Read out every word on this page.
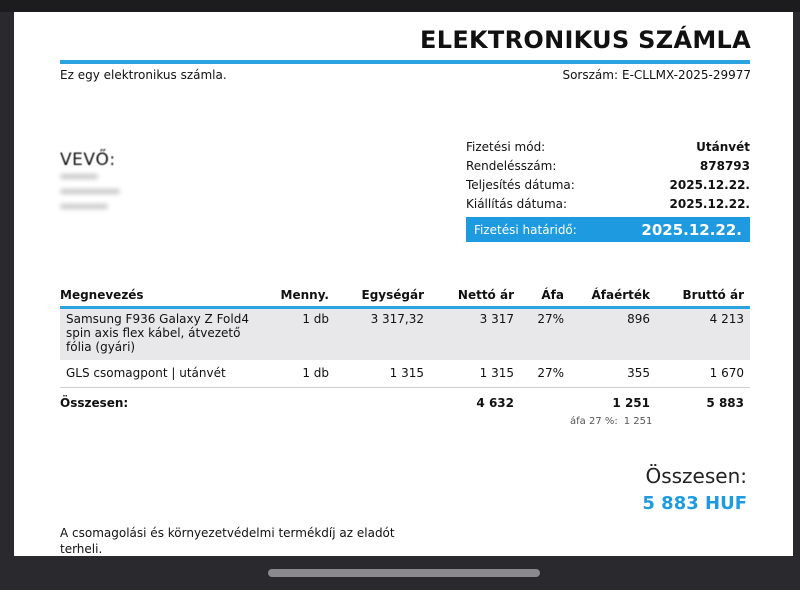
ELEKTRONIKUS SZÁMLA
Ez egy elektronikus számla.	Sorszám: E-CLLMX-2025-29977
VEVŐ:
Fizetési mód:	Utánvét
Rendelésszám:	878793
Teljesítés dátuma:	2025.12.22.
Kiállítás dátuma:	2025.12.22.
Fizetési határidő:	2025.12.22.
Megnevezés	Menny.	Egységár	Nettó ár	Áfa	Áfaérték	Bruttó ár
Samsung F936 Galaxy Z Fold4 spin axis flex kábel, átvezető fólia (gyári)	1 db	3 317,32	3 317	27%	896	4 213
GLS csomagpont | utánvét	1 db	1 315	1 315	27%	355	1 670
Összesen:			4 632		1 251	5 883
áfa 27 %: 1 251
Összesen:
5 883 HUF
A csomagolási és környezetvédelmi termékdíj az eladót terheli.
